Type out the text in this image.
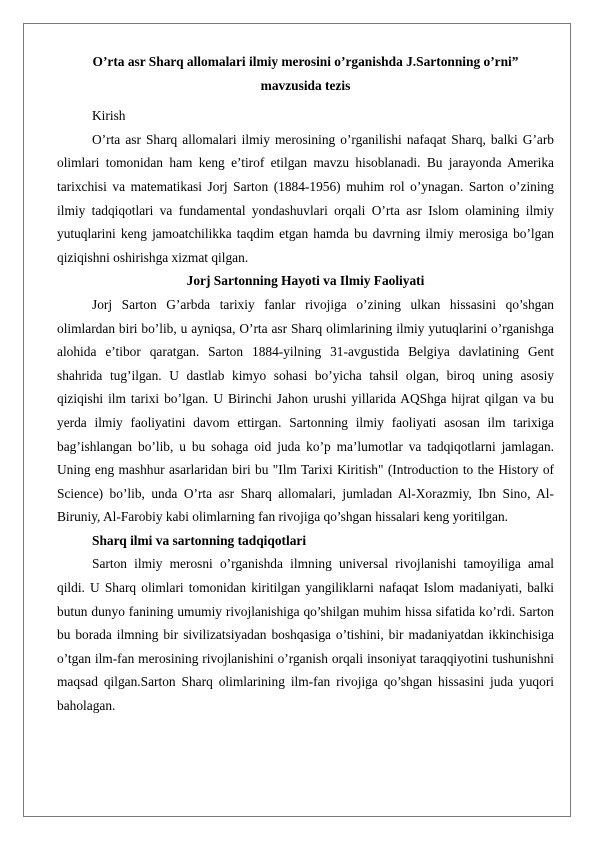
O’rta asr Sharq allomalari ilmiy merosini o’rganishda J.Sartonning o’rni”
mavzusida tezis

Kirish

O’rta asr Sharq allomalari ilmiy merosining o’rganilishi nafaqat Sharq, balki G’arb olimlari tomonidan ham keng e’tirof etilgan mavzu hisoblanadi. Bu jarayonda Amerika tarixchisi va matematikasi Jorj Sarton (1884-1956) muhim rol o’ynagan. Sarton o’zining ilmiy tadqiqotlari va fundamental yondashuvlari orqali O’rta asr Islom olamining ilmiy yutuqlarini keng jamoatchilikka taqdim etgan hamda bu davrning ilmiy merosiga bo’lgan qiziqishni oshirishga xizmat qilgan.

Jorj Sartonning Hayoti va Ilmiy Faoliyati

Jorj Sarton G’arbda tarixiy fanlar rivojiga o’zining ulkan hissasini qo’shgan olimlardan biri bo’lib, u ayniqsa, O’rta asr Sharq olimlarining ilmiy yutuqlarini o’rganishga alohida e’tibor qaratgan. Sarton 1884-yilning 31-avgustida Belgiya davlatining Gent shahrida tug’ilgan. U dastlab kimyo sohasi bo’yicha tahsil olgan, biroq uning asosiy qiziqishi ilm tarixi bo’lgan. U Birinchi Jahon urushi yillarida AQShga hijrat qilgan va bu yerda ilmiy faoliyatini davom ettirgan. Sartonning ilmiy faoliyati asosan ilm tarixiga bag’ishlangan bo’lib, u bu sohaga oid juda ko’p ma’lumotlar va tadqiqotlarni jamlagan. Uning eng mashhur asarlaridan biri bu "Ilm Tarixi Kiritish" (Introduction to the History of Science) bo’lib, unda O’rta asr Sharq allomalari, jumladan Al-Xorazmiy, Ibn Sino, Al-Biruniy, Al-Farobiy kabi olimlarning fan rivojiga qo’shgan hissalari keng yoritilgan.

Sharq ilmi va sartonning tadqiqotlari

Sarton ilmiy merosni o’rganishda ilmning universal rivojlanishi tamoyiliga amal qildi. U Sharq olimlari tomonidan kiritilgan yangiliklarni nafaqat Islom madaniyati, balki butun dunyo fanining umumiy rivojlanishiga qo’shilgan muhim hissa sifatida ko’rdi. Sarton bu borada ilmning bir sivilizatsiyadan boshqasiga o’tishini, bir madaniyatdan ikkinchisiga o’tgan ilm-fan merosining rivojlanishini o’rganish orqali insoniyat taraqqiyotini tushunishni maqsad qilgan.Sarton Sharq olimlarining ilm-fan rivojiga qo’shgan hissasini juda yuqori baholagan.
